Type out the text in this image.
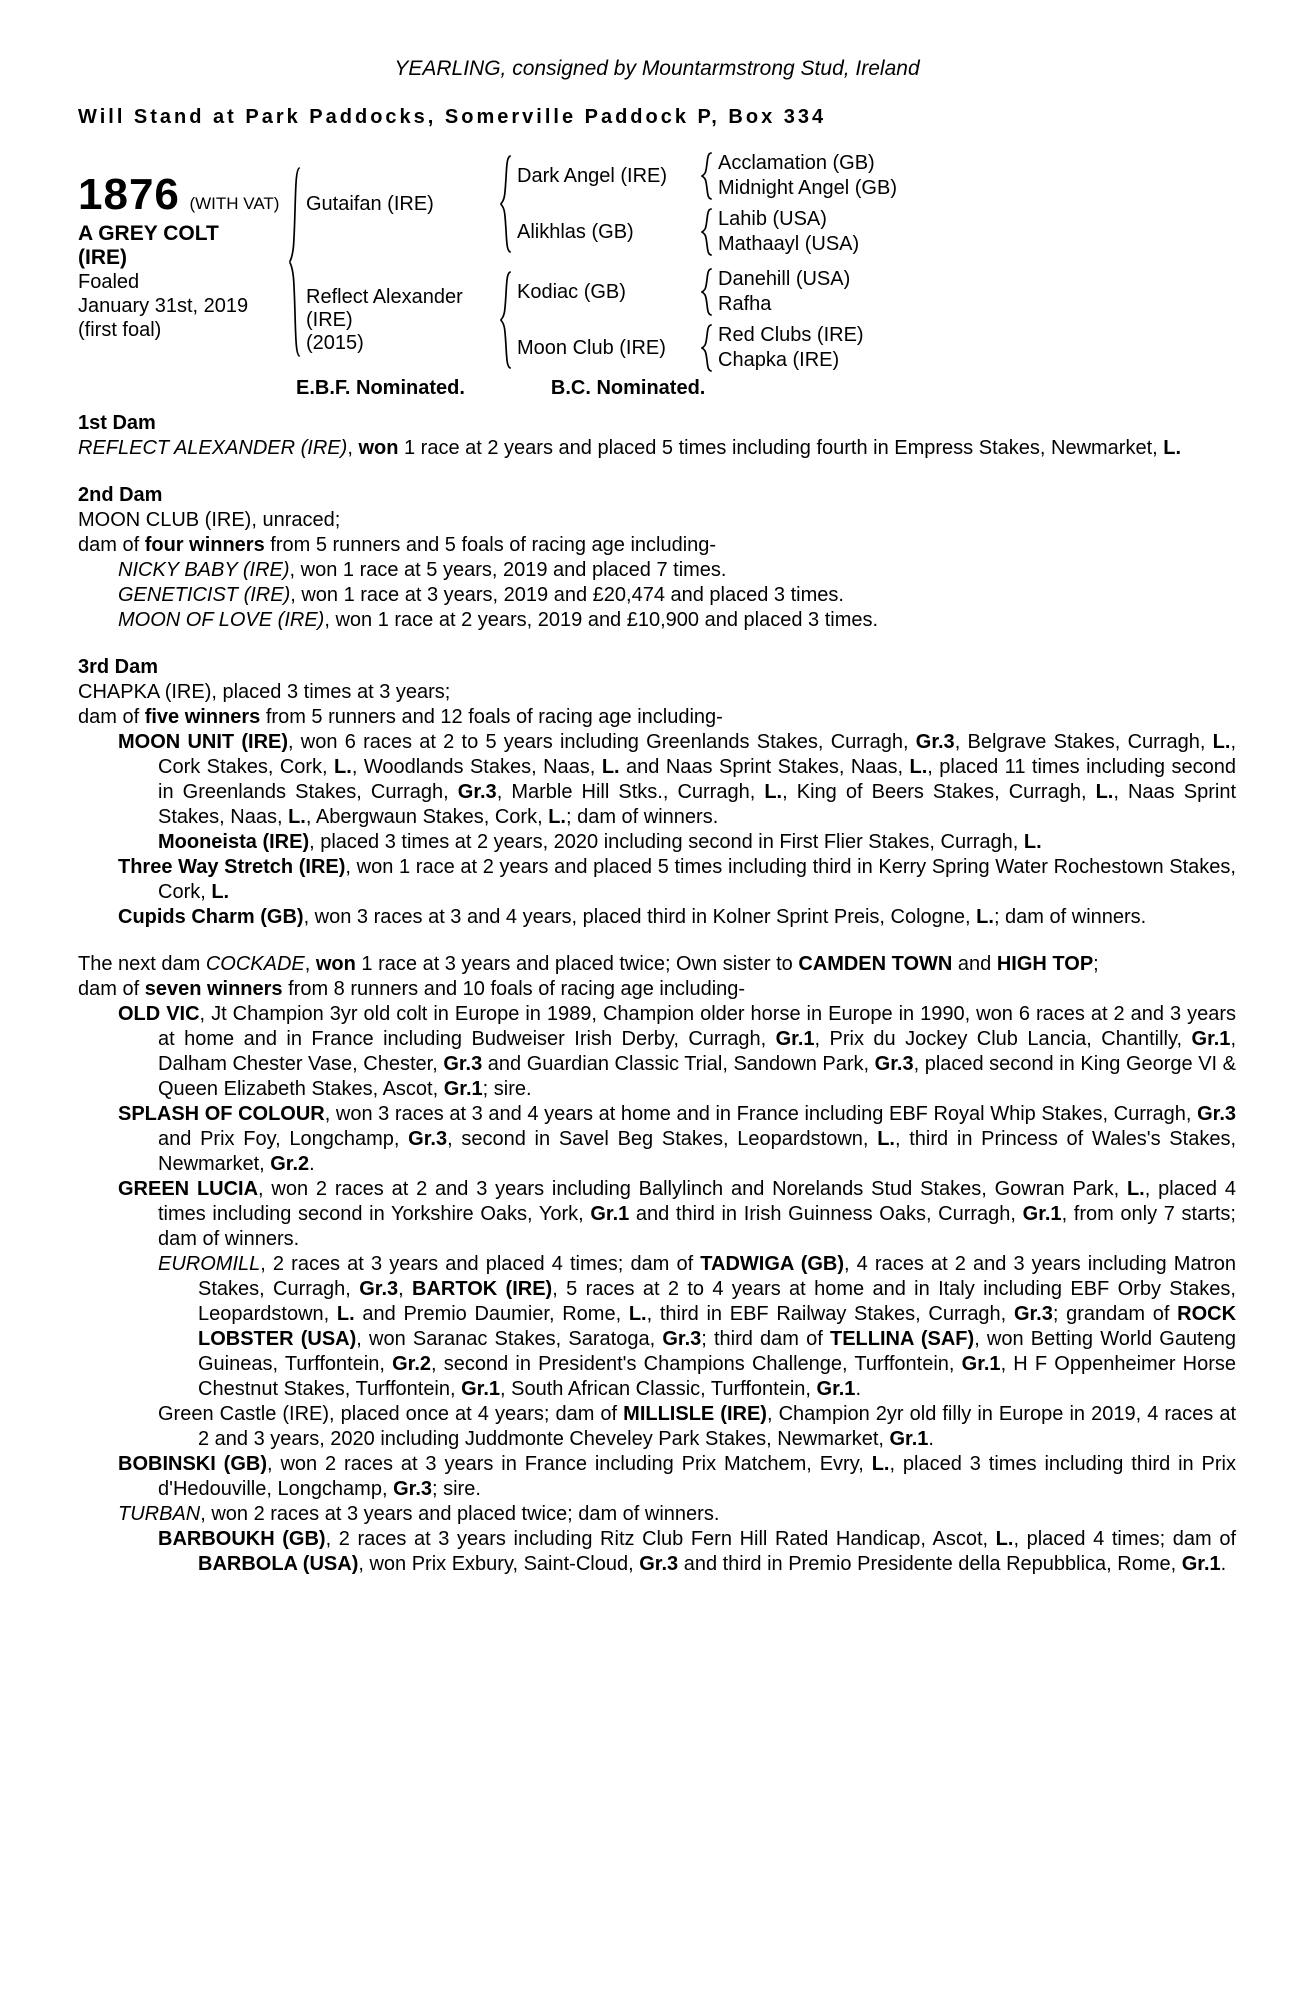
YEARLING, consigned by Mountarmstrong Stud, Ireland
Will Stand at Park Paddocks, Somerville Paddock P, Box 334
1876 (WITH VAT)
A GREY COLT
(IRE)
Foaled
January 31st, 2019
(first foal)
Gutaifan (IRE)
Dark Angel (IRE)
Acclamation (GB)
Midnight Angel (GB)
Alikhlas (GB)
Lahib (USA)
Mathaayl (USA)
Reflect Alexander
(IRE)
(2015)
Kodiac (GB)
Danehill (USA)
Rafha
Moon Club (IRE)
Red Clubs (IRE)
Chapka (IRE)
E.B.F. Nominated.	B.C. Nominated.
1st Dam

REFLECT ALEXANDER (IRE), won 1 race at 2 years and placed 5 times including fourth in Empress Stakes, Newmarket, L.

2nd Dam

MOON CLUB (IRE), unraced;

dam of four winners from 5 runners and 5 foals of racing age including-

NICKY BABY (IRE), won 1 race at 5 years, 2019 and placed 7 times.

GENETICIST (IRE), won 1 race at 3 years, 2019 and £20,474 and placed 3 times.

MOON OF LOVE (IRE), won 1 race at 2 years, 2019 and £10,900 and placed 3 times.

3rd Dam

CHAPKA (IRE), placed 3 times at 3 years;

dam of five winners from 5 runners and 12 foals of racing age including-

MOON UNIT (IRE), won 6 races at 2 to 5 years including Greenlands Stakes, Curragh, Gr.3, Belgrave Stakes, Curragh, L., Cork Stakes, Cork, L., Woodlands Stakes, Naas, L. and Naas Sprint Stakes, Naas, L., placed 11 times including second in Greenlands Stakes, Curragh, Gr.3, Marble Hill Stks., Curragh, L., King of Beers Stakes, Curragh, L., Naas Sprint Stakes, Naas, L., Abergwaun Stakes, Cork, L.; dam of winners.

Mooneista (IRE), placed 3 times at 2 years, 2020 including second in First Flier Stakes, Curragh, L.

Three Way Stretch (IRE), won 1 race at 2 years and placed 5 times including third in Kerry Spring Water Rochestown Stakes, Cork, L.

Cupids Charm (GB), won 3 races at 3 and 4 years, placed third in Kolner Sprint Preis, Cologne, L.; dam of winners.

The next dam COCKADE, won 1 race at 3 years and placed twice; Own sister to CAMDEN TOWN and HIGH TOP;

dam of seven winners from 8 runners and 10 foals of racing age including-

OLD VIC, Jt Champion 3yr old colt in Europe in 1989, Champion older horse in Europe in 1990, won 6 races at 2 and 3 years at home and in France including Budweiser Irish Derby, Curragh, Gr.1, Prix du Jockey Club Lancia, Chantilly, Gr.1, Dalham Chester Vase, Chester, Gr.3 and Guardian Classic Trial, Sandown Park, Gr.3, placed second in King George VI & Queen Elizabeth Stakes, Ascot, Gr.1; sire.

SPLASH OF COLOUR, won 3 races at 3 and 4 years at home and in France including EBF Royal Whip Stakes, Curragh, Gr.3 and Prix Foy, Longchamp, Gr.3, second in Savel Beg Stakes, Leopardstown, L., third in Princess of Wales's Stakes, Newmarket, Gr.2.

GREEN LUCIA, won 2 races at 2 and 3 years including Ballylinch and Norelands Stud Stakes, Gowran Park, L., placed 4 times including second in Yorkshire Oaks, York, Gr.1 and third in Irish Guinness Oaks, Curragh, Gr.1, from only 7 starts; dam of winners.

EUROMILL, 2 races at 3 years and placed 4 times; dam of TADWIGA (GB), 4 races at 2 and 3 years including Matron Stakes, Curragh, Gr.3, BARTOK (IRE), 5 races at 2 to 4 years at home and in Italy including EBF Orby Stakes, Leopardstown, L. and Premio Daumier, Rome, L., third in EBF Railway Stakes, Curragh, Gr.3; grandam of ROCK LOBSTER (USA), won Saranac Stakes, Saratoga, Gr.3; third dam of TELLINA (SAF), won Betting World Gauteng Guineas, Turffontein, Gr.2, second in President's Champions Challenge, Turffontein, Gr.1, H F Oppenheimer Horse Chestnut Stakes, Turffontein, Gr.1, South African Classic, Turffontein, Gr.1.

Green Castle (IRE), placed once at 4 years; dam of MILLISLE (IRE), Champion 2yr old filly in Europe in 2019, 4 races at 2 and 3 years, 2020 including Juddmonte Cheveley Park Stakes, Newmarket, Gr.1.

BOBINSKI (GB), won 2 races at 3 years in France including Prix Matchem, Evry, L., placed 3 times including third in Prix d'Hedouville, Longchamp, Gr.3; sire.

TURBAN, won 2 races at 3 years and placed twice; dam of winners.

BARBOUKH (GB), 2 races at 3 years including Ritz Club Fern Hill Rated Handicap, Ascot, L., placed 4 times; dam of BARBOLA (USA), won Prix Exbury, Saint-Cloud, Gr.3 and third in Premio Presidente della Repubblica, Rome, Gr.1.
